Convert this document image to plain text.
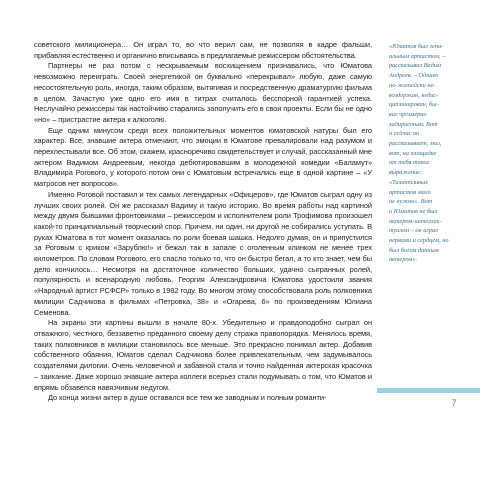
советского милиционера… Он играл то, во что верил сам, не позволяя в кадре фальши, прибавляя естественно и органично вписываясь в предлагаемые режиссером обстоятельства.

Партнеры не раз потом с нескрываемым восхищением признавались, что Юматова невозможно переиграть. Своей энергетикой он буквально «перекрывал» любую, даже самую несостоятельную роль, иногда, таким образом, вытягивая и посредственную драматургию фильма в целом. Зачастую уже одно его имя в титрах считалось бесспорной гарантией успеха. Неслучайно режиссеры так настойчиво старались заполучить его в свои проекты. Если бы не одно «но» – пристрастие актера к алкоголю.

Еще одним минусом среди всех положительных моментов юматовской натуры был его характер. Все, знавшие актера отмечают, что эмоции в Юматове превалировали над разумом и перехлестывали все. Об этом, скажем, красноречиво свидетельствует и случай, рассказанный мне актером Вадимом Андреевым, некогда дебютировавшим в молодежной комедии «Баламут» Владимира Рогового, у которого потом они с Юматовым встречались еще в одной картине – «У матросов нет вопросов».

Именно Роговой поставил и тех самых легендарных «Офицеров», где Юматов сыграл одну из лучших своих ролей. Он же рассказал Вадиму и такую историю. Во время работы над картиной между двумя бывшими фронтовиками – режиссером и исполнителем роли Трофимова произошел какой-то принципиальный творческий спор. Причем, ни один, ни другой не собирались уступать. В руках Юматова в тот момент оказалась по роли боевая шашка. Недолго думая, он и припустился за Роговым с криком «Зарублю!» и бежал так в запале с оголенным клинком не менее трех километров. По словам Рогового, его спасло только то, что он быстро бегал, а то кто знает, чем бы дело кончилось… Несмотря на достаточное количество больших, удачно сыгранных ролей, популярность и всенародную любовь, Георгия Александровича Юматова удостоили звания «Народный артист РСФСР» только в 1982 году. Во многом этому способствовала роль полковника милиции Садчикова в фильмах «Петровка, 38» и «Огарева, 6» по произведениям Юлиана Семенова.

На экраны эти картины вышли в начале 80-х. Убедительно и правдоподобно сыграл он отважного, честного, беззаветно преданного своему делу стража правопорядка. Менялось время, таких полковников в милиции становилось все меньше. Это прекрасно понимал актер. Добавив собственного обаяния, Юматов сделал Садчикова более привлекательным, чем задумывалось создателями дилогии. Очень человечной и забавной стала и точно найденная актерская красочка – заикание. Даже хорошо знавшие актера коллеги всерьез стали подумывать о том, что Юматов и впрямь обзавелся навязчивым недугом.

До конца жизни актер в душе оставался все тем же заводным и полным романти-

«Юматов был гени-
альным артистом, –
рассказывал Вадим
Андреев. – Однако
по-житейски не-
воздержан, недис-
циплинирован, бы-
вал чрезмерно
задиристым. Вот
и сейчас он
рассказывает, мол,
вот, на площадке
от тебя такое
выражение:
«Талантливых
артистов малo
не нужно». Вот
и Юматов не был
актером-интеллек-
туалом – он играл
нервами и сердцем, но
был богом данным
актером».
7
